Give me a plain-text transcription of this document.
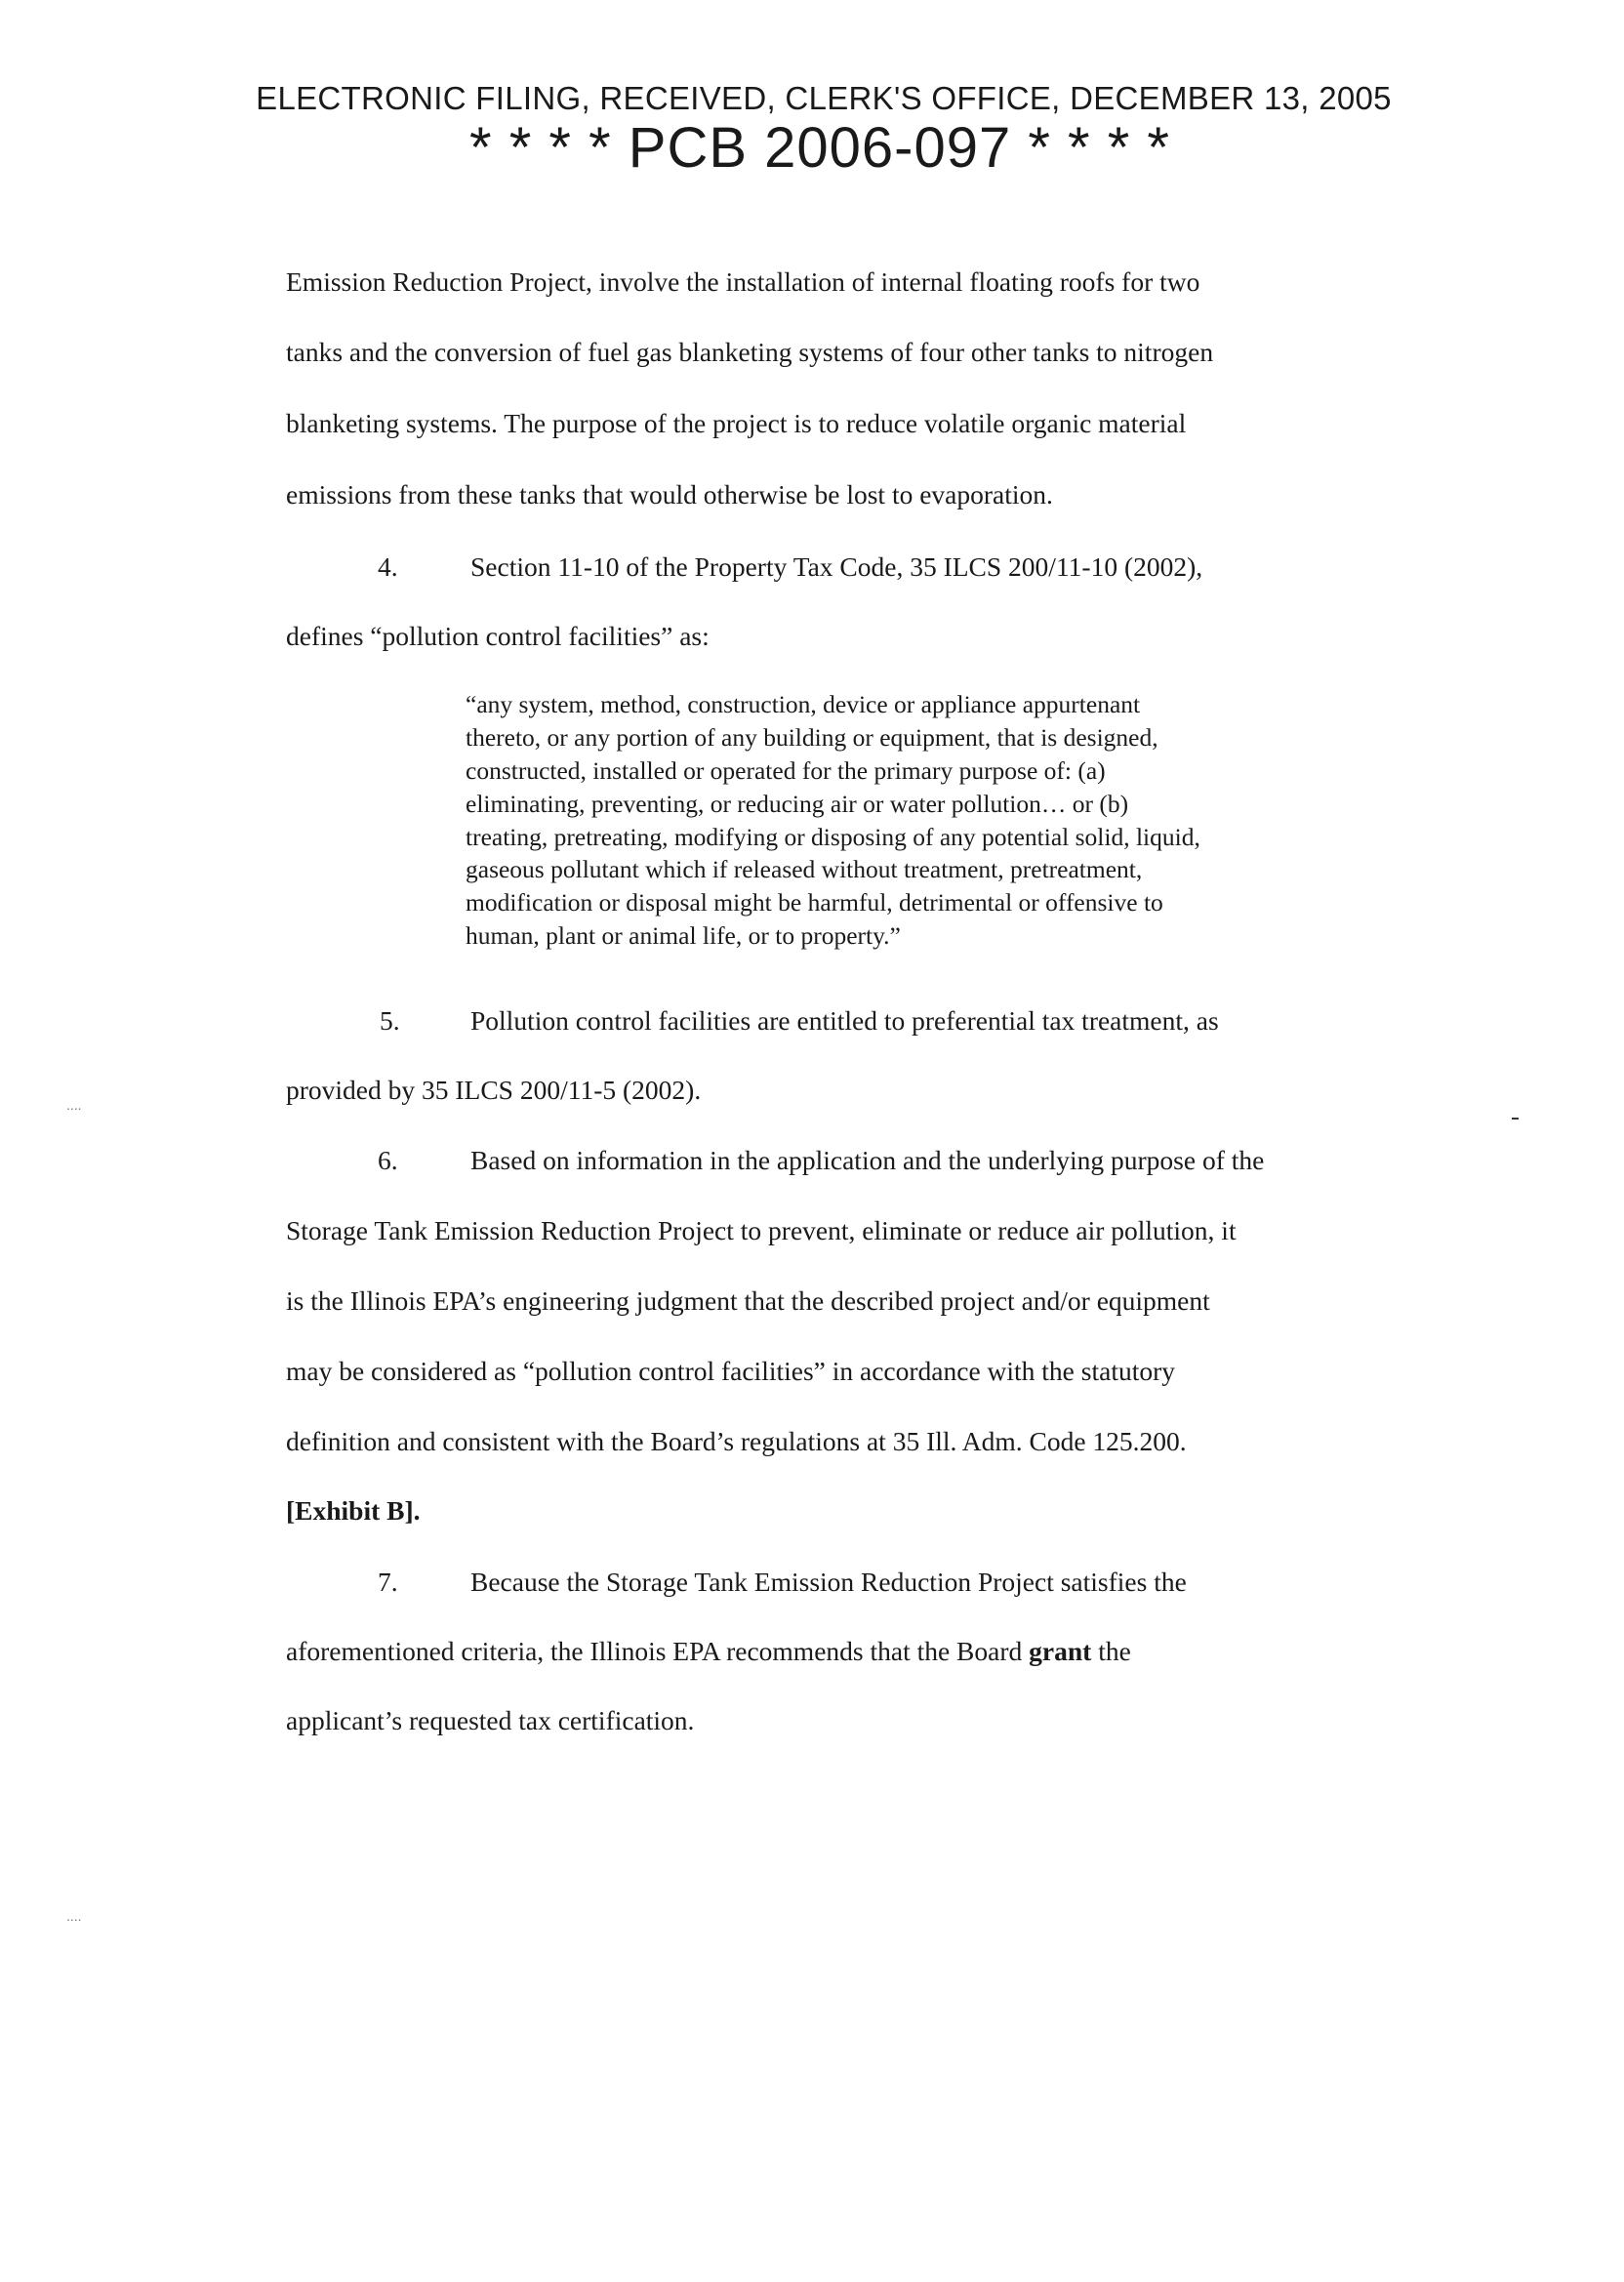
ELECTRONIC FILING, RECEIVED, CLERK'S OFFICE, DECEMBER 13, 2005
* * * * PCB 2006-097 * * * *
Emission Reduction Project, involve the installation of internal floating roofs for two
tanks and the conversion of fuel gas blanketing systems of four other tanks to nitrogen
blanketing systems. The purpose of the project is to reduce volatile organic material
emissions from these tanks that would otherwise be lost to evaporation.
4.	Section 11-10 of the Property Tax Code, 35 ILCS 200/11-10 (2002),
defines “pollution control facilities” as:
“any system, method, construction, device or appliance appurtenant
thereto, or any portion of any building or equipment, that is designed,
constructed, installed or operated for the primary purpose of: (a)
eliminating, preventing, or reducing air or water pollution… or (b)
treating, pretreating, modifying or disposing of any potential solid, liquid,
gaseous pollutant which if released without treatment, pretreatment,
modification or disposal might be harmful, detrimental or offensive to
human, plant or animal life, or to property.”
5.	Pollution control facilities are entitled to preferential tax treatment, as
provided by 35 ILCS 200/11-5 (2002).
6.	Based on information in the application and the underlying purpose of the
Storage Tank Emission Reduction Project to prevent, eliminate or reduce air pollution, it
is the Illinois EPA’s engineering judgment that the described project and/or equipment
may be considered as “pollution control facilities” in accordance with the statutory
definition and consistent with the Board’s regulations at 35 Ill. Adm. Code 125.200.
[Exhibit B].
7.	Because the Storage Tank Emission Reduction Project satisfies the
aforementioned criteria, the Illinois EPA recommends that the Board grant the
applicant’s requested tax certification.
....
....
